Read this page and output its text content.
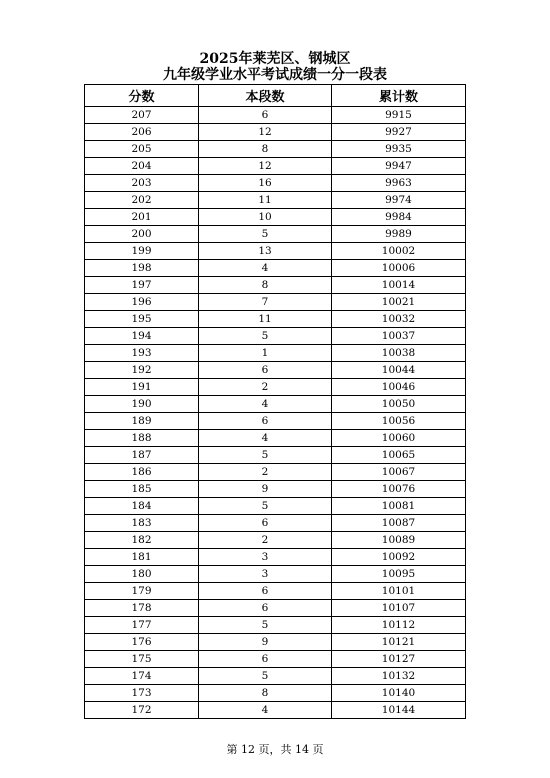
2025年莱芜区、钢城区
九年级学业水平考试成绩一分一段表
分数	本段数	累计数
207	6	9915
206	12	9927
205	8	9935
204	12	9947
203	16	9963
202	11	9974
201	10	9984
200	5	9989
199	13	10002
198	4	10006
197	8	10014
196	7	10021
195	11	10032
194	5	10037
193	1	10038
192	6	10044
191	2	10046
190	4	10050
189	6	10056
188	4	10060
187	5	10065
186	2	10067
185	9	10076
184	5	10081
183	6	10087
182	2	10089
181	3	10092
180	3	10095
179	6	10101
178	6	10107
177	5	10112
176	9	10121
175	6	10127
174	5	10132
173	8	10140
172	4	10144
第 12 页，共 14 页
